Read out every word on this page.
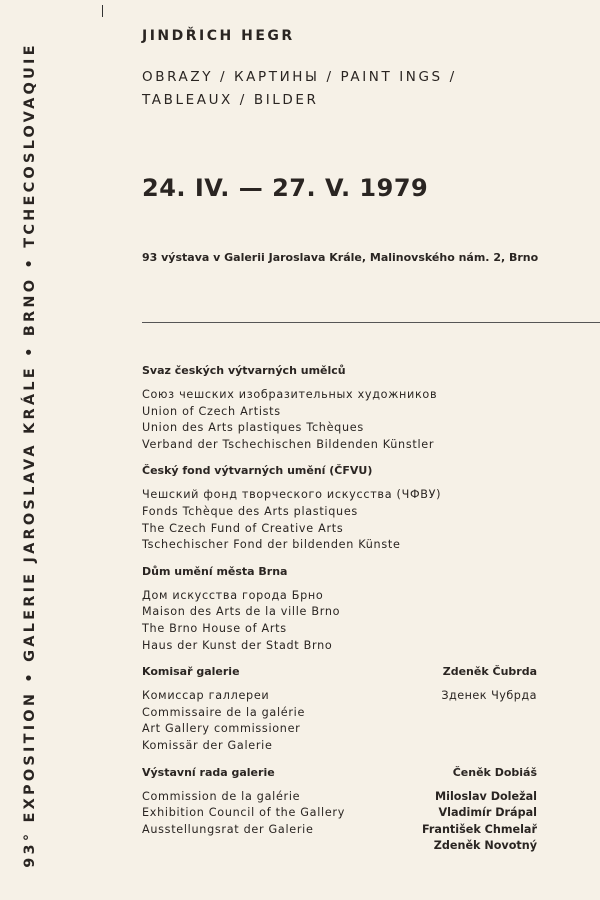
93° EXPOSITION • GALERIE JAROSLAVA KRÁLE • BRNO • TCHECOSLOVAQUIE
JINDŘICH HEGR
OBRAZY / КАРТИНЫ / PAINT INGS /
TABLEAUX / BILDER
24. IV. — 27. V. 1979
93 výstava v Galerii Jaroslava Krále, Malinovského nám. 2, Brno
Svaz českých výtvarných umělců
Союз чешских изобразительных художников
Union of Czech Artists
Union des Arts plastiques Tchèques
Verband der Tschechischen Bildenden Künstler
Český fond výtvarných umění (ČFVU)
Чешский фонд творческого искусства (ЧФВУ)
Fonds Tchèque des Arts plastiques
The Czech Fund of Creative Arts
Tschechischer Fond der bildenden Künste
Dům umění města Brna
Дом искусства города Брно
Maison des Arts de la ville Brno
The Brno House of Arts
Haus der Kunst der Stadt Brno
Komisař galerie	Zdeněk Čubrda
Комиссар галлереи
Commissaire de la galérie
Art Gallery commissioner
Komissär der Galerie
Зденек Чубрда
Výstavní rada galerie	Čeněk Dobiáš
Commission de la galérie
Exhibition Council of the Gallery
Ausstellungsrat der Galerie
Miloslav Doležal
Vladimír Drápal
František Chmelař
Zdeněk Novotný
